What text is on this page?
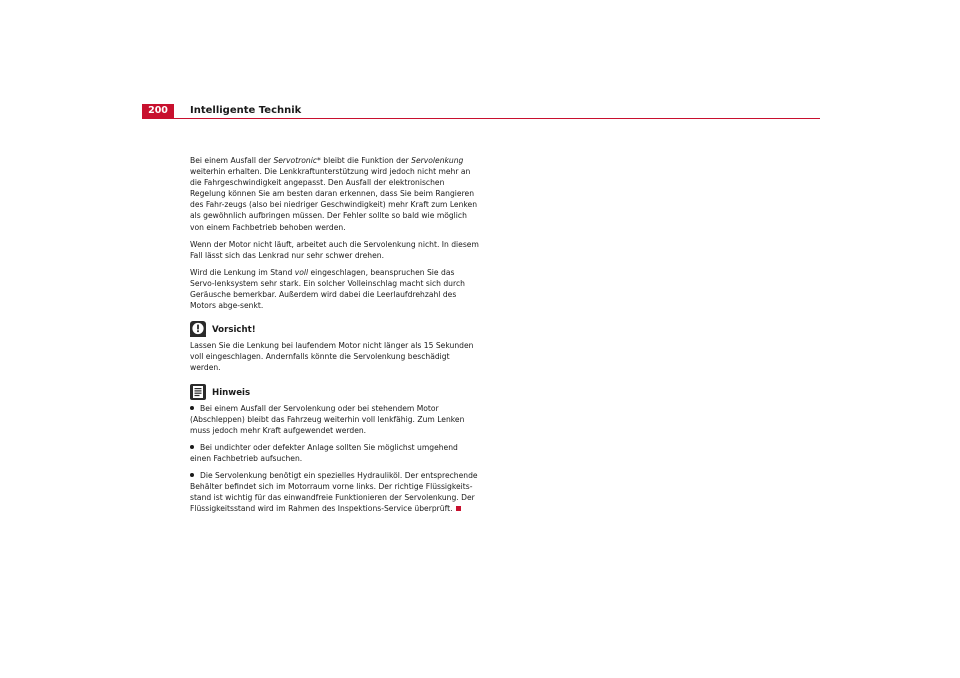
200	Intelligente Technik

Bei einem Ausfall der Servotronic* bleibt die Funktion der Servolenkung weiterhin erhalten. Die Lenkkraftunterstützung wird jedoch nicht mehr an die Fahrgeschwindigkeit angepasst. Den Ausfall der elektronischen Regelung können Sie am besten daran erkennen, dass Sie beim Rangieren des Fahr-zeugs (also bei niedriger Geschwindigkeit) mehr Kraft zum Lenken als gewöhnlich aufbringen müssen. Der Fehler sollte so bald wie möglich von einem Fachbetrieb behoben werden.

Wenn der Motor nicht läuft, arbeitet auch die Servolenkung nicht. In diesem Fall lässt sich das Lenkrad nur sehr schwer drehen.

Wird die Lenkung im Stand voll eingeschlagen, beanspruchen Sie das Servo-lenksystem sehr stark. Ein solcher Volleinschlag macht sich durch Geräusche bemerkbar. Außerdem wird dabei die Leerlaufdrehzahl des Motors abge-senkt.

Vorsicht!

Lassen Sie die Lenkung bei laufendem Motor nicht länger als 15 Sekunden voll eingeschlagen. Andernfalls könnte die Servolenkung beschädigt werden.

Hinweis

Bei einem Ausfall der Servolenkung oder bei stehendem Motor (Abschleppen) bleibt das Fahrzeug weiterhin voll lenkfähig. Zum Lenken muss jedoch mehr Kraft aufgewendet werden.

Bei undichter oder defekter Anlage sollten Sie möglichst umgehend einen Fachbetrieb aufsuchen.

Die Servolenkung benötigt ein spezielles Hydrauliköl. Der entsprechende Behälter befindet sich im Motorraum vorne links. Der richtige Flüssigkeits-stand ist wichtig für das einwandfreie Funktionieren der Servolenkung. Der Flüssigkeitsstand wird im Rahmen des Inspektions-Service überprüft.
